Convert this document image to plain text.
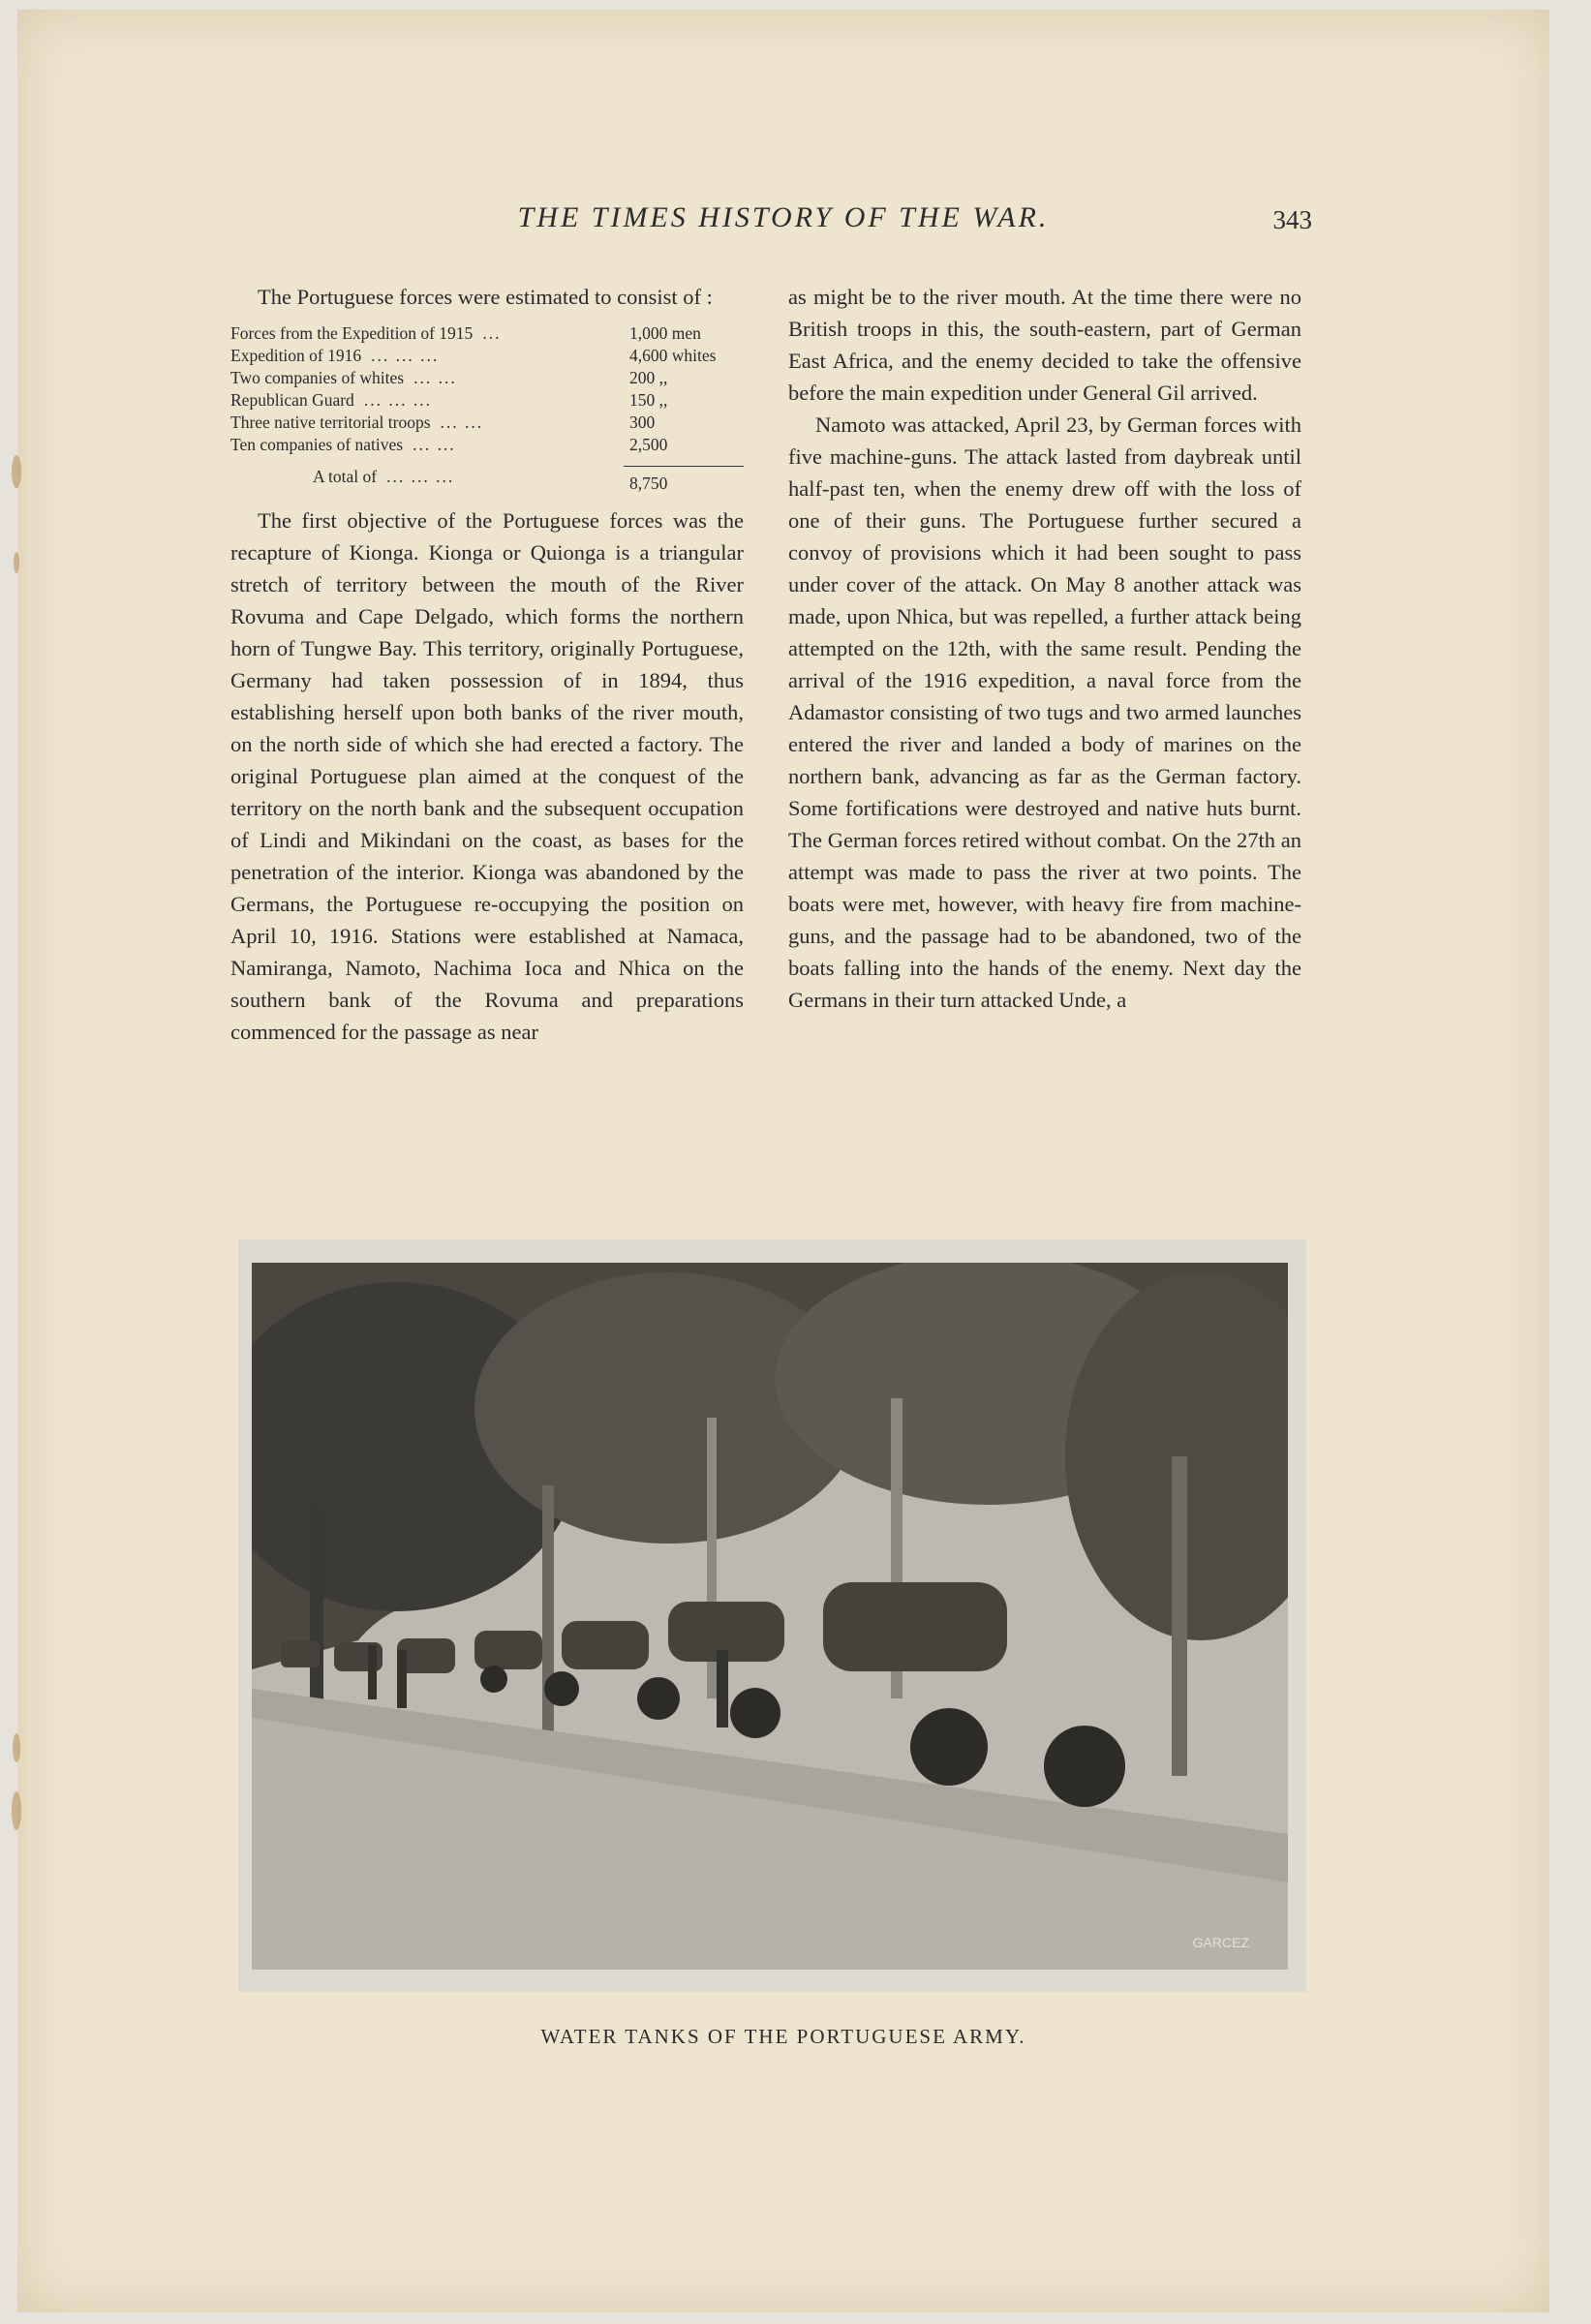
THE TIMES HISTORY OF THE WAR.	343

The Portuguese forces were estimated to consist of :

Forces from the Expedition of 1915 ...	1,000 men
Expedition of 1916 ... ... ...	4,600 whites
Two companies of whites ... ...	200 ,,
Republican Guard ... ... ...	150 ,,
Three native territorial troops ... ...	300
Ten companies of natives ... ...	2,500
A total of ... ... ...	8,750

The first objective of the Portuguese forces was the recapture of Kionga. Kionga or Quionga is a triangular stretch of territory between the mouth of the River Rovuma and Cape Delgado, which forms the northern horn of Tungwe Bay. This territory, originally Portuguese, Germany had taken possession of in 1894, thus establishing herself upon both banks of the river mouth, on the north side of which she had erected a factory. The original Portuguese plan aimed at the conquest of the territory on the north bank and the subsequent occupation of Lindi and Mikindani on the coast, as bases for the penetration of the interior. Kionga was abandoned by the Germans, the Portuguese re-occupying the position on April 10, 1916. Stations were established at Namaca, Namiranga, Namoto, Nachima Ioca and Nhica on the southern bank of the Rovuma and preparations commenced for the passage as near

as might be to the river mouth. At the time there were no British troops in this, the south-eastern, part of German East Africa, and the enemy decided to take the offensive before the main expedition under General Gil arrived.

Namoto was attacked, April 23, by German forces with five machine-guns. The attack lasted from daybreak until half-past ten, when the enemy drew off with the loss of one of their guns. The Portuguese further secured a convoy of provisions which it had been sought to pass under cover of the attack. On May 8 another attack was made, upon Nhica, but was repelled, a further attack being attempted on the 12th, with the same result. Pending the arrival of the 1916 expedition, a naval force from the Adamastor consisting of two tugs and two armed launches entered the river and landed a body of marines on the northern bank, advancing as far as the German factory. Some fortifications were destroyed and native huts burnt. The German forces retired without combat. On the 27th an attempt was made to pass the river at two points. The boats were met, however, with heavy fire from machine-guns, and the passage had to be abandoned, two of the boats falling into the hands of the enemy. Next day the Germans in their turn attacked Unde, a

GARCEZ
WATER TANKS OF THE PORTUGUESE ARMY.
